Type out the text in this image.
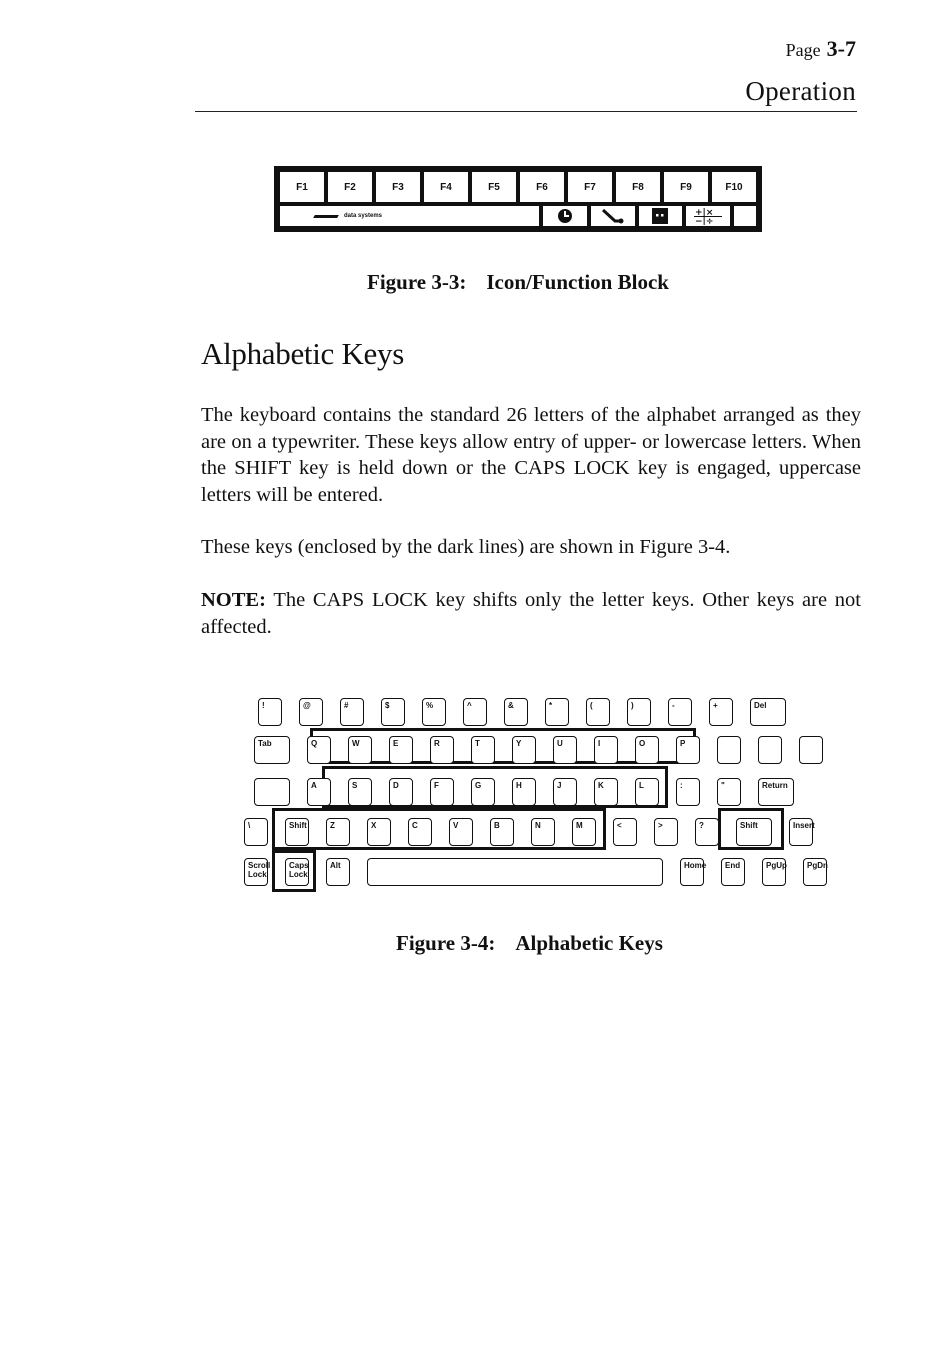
Page 3-7
Operation
F1	F2	F3	F4	F5	F6	F7	F8	F9	F10
data systems	+|×
−|÷
Figure 3-3: Icon/Function Block
Alphabetic Keys

The keyboard contains the standard 26 letters of the alphabet arranged as they are on a typewriter. These keys allow entry of upper- or lowercase letters. When the SHIFT key is held down or the CAPS LOCK key is engaged, uppercase letters will be entered.

These keys (enclosed by the dark lines) are shown in Figure 3-4.

NOTE: The CAPS LOCK key shifts only the letter keys. Other keys are not affected.

!	@	#	$	%	^	&	*	(	)	-	+	Del
Tab	Q	W	E	R	T	Y	U	I	O	P
A	S	D	F	G	H	J	K	L	:	"	Return
\	Shift	Z	X	C	V	B	N	M	<	>	?	Shift	Insert
Scroll Lock
Caps Lock
Alt	Home	End	PgUp	PgDn
Figure 3-4: Alphabetic Keys
